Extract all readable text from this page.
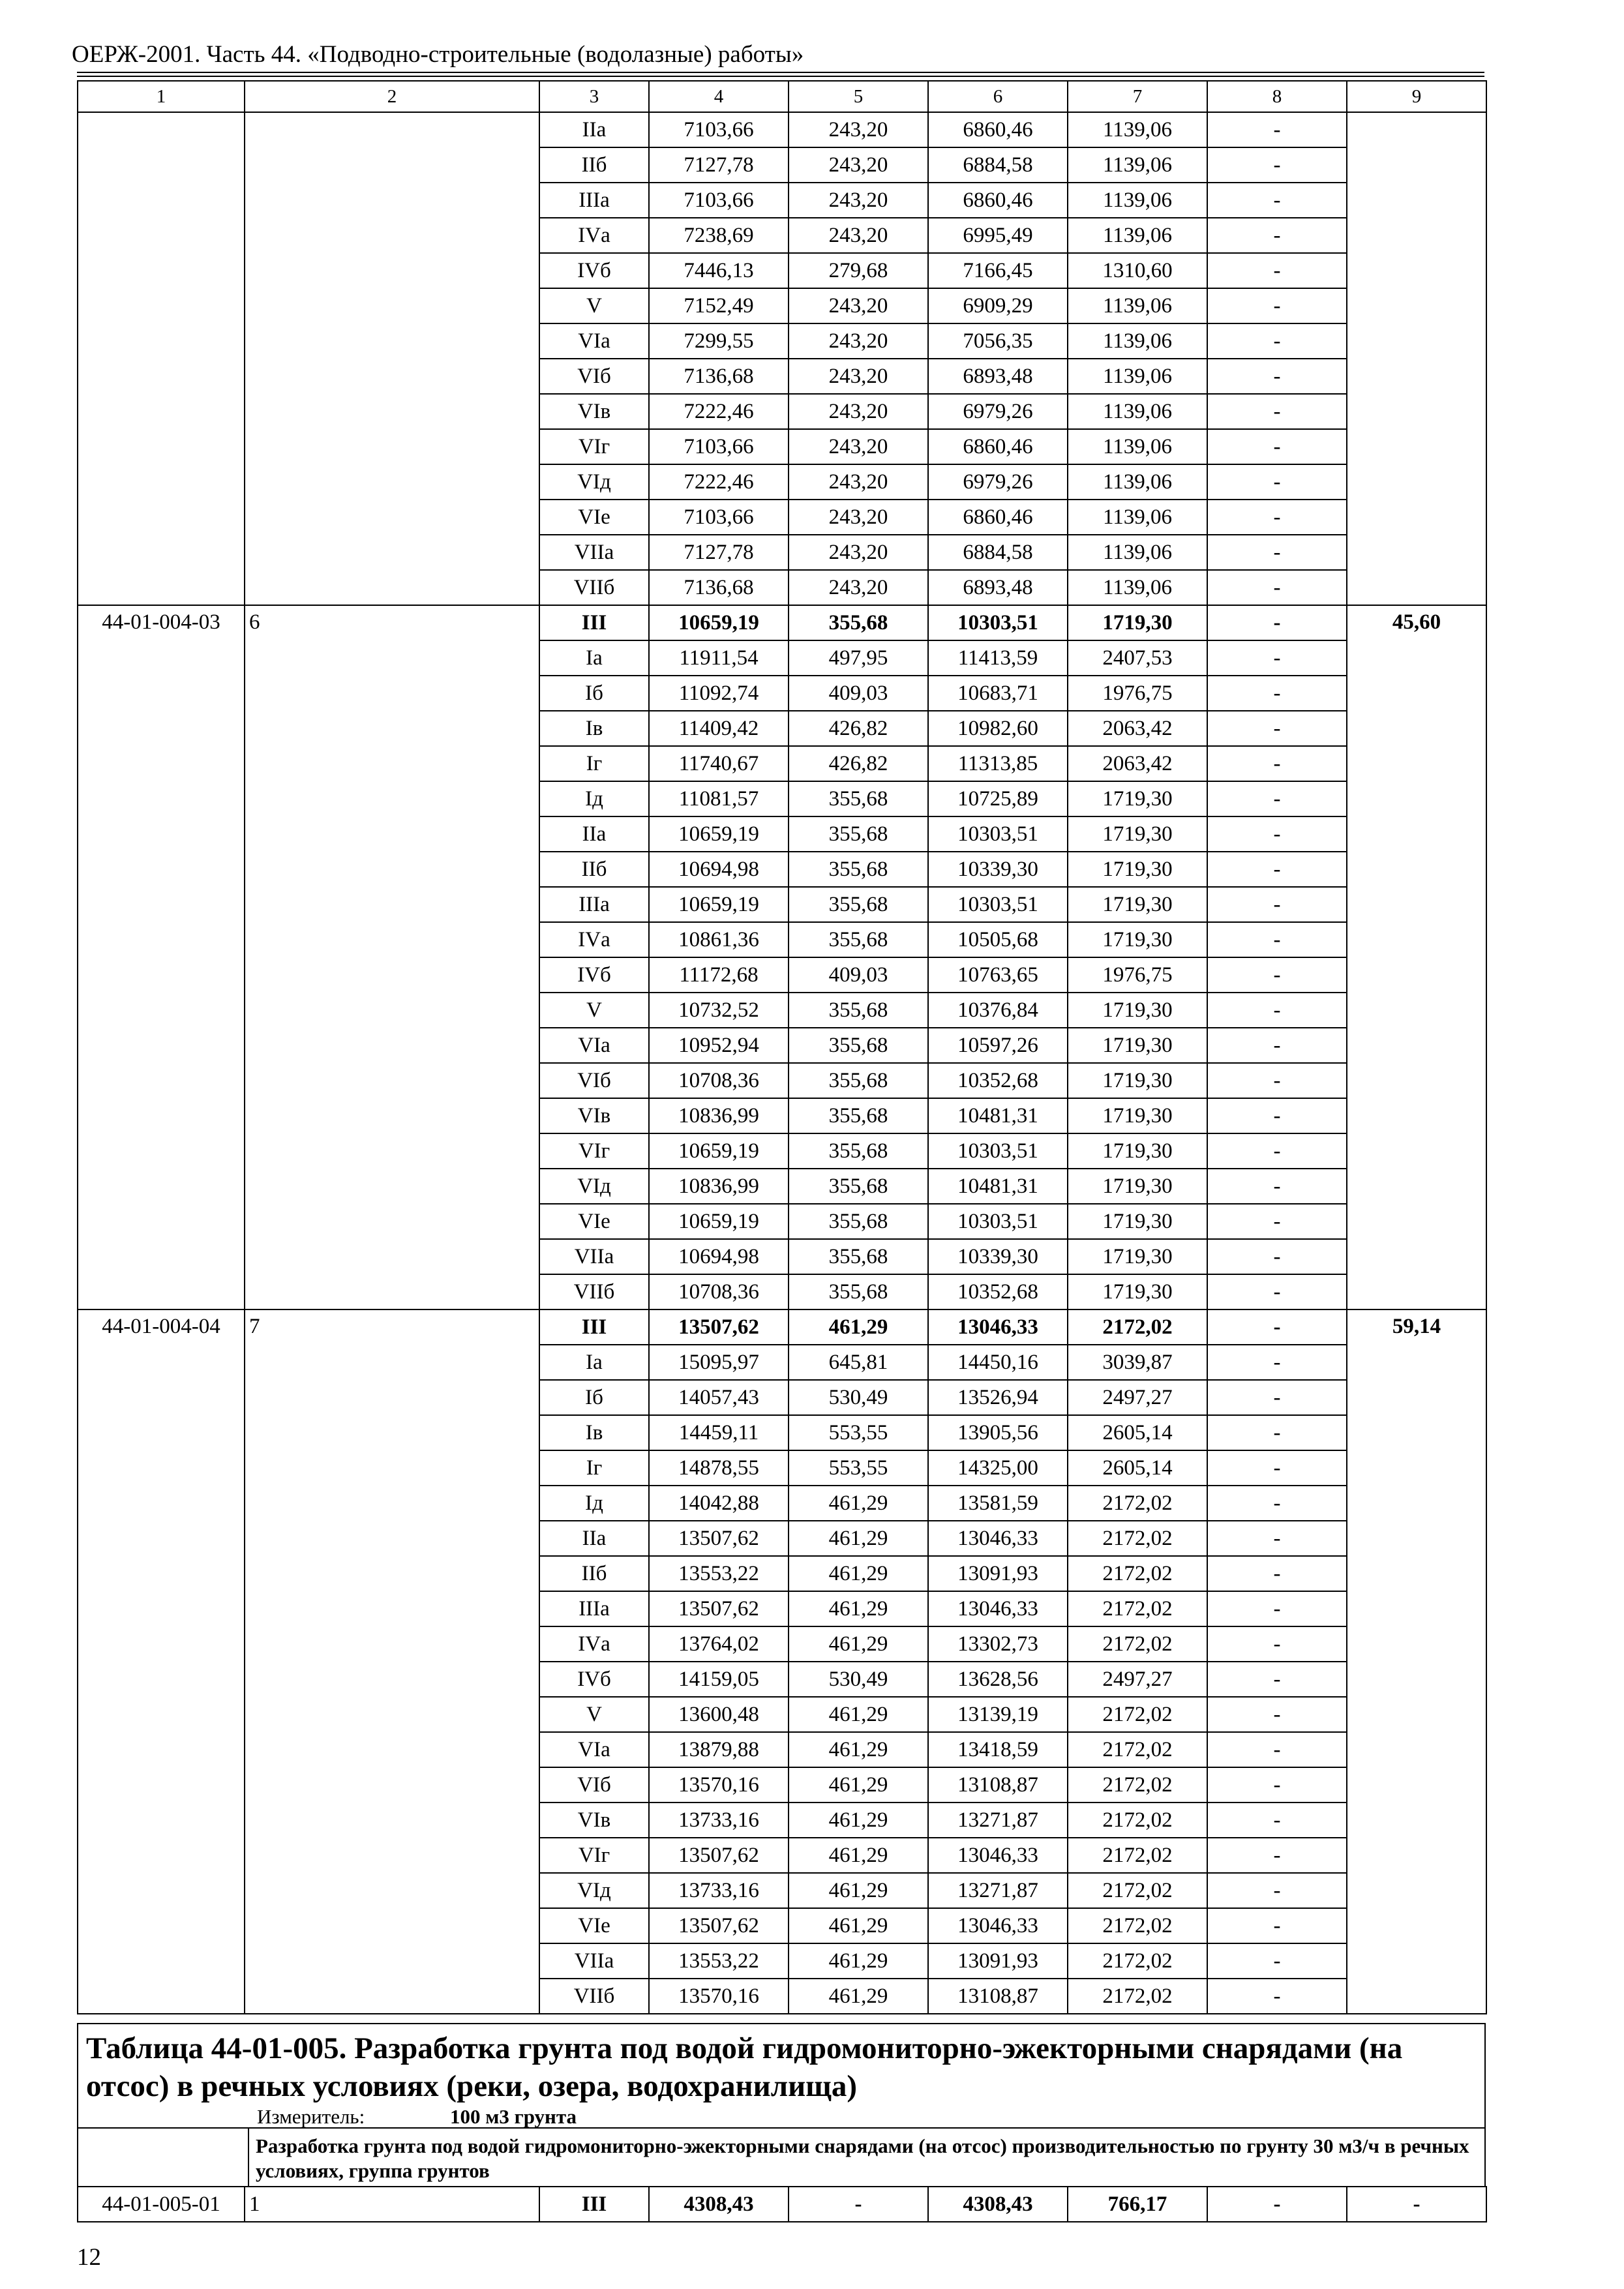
ОЕРЖ-2001. Часть 44. «Подводно-строительные (водолазные) работы»
1	2	3	4	5	6	7	8	9
		IIа	7103,66	243,20	6860,46	1139,06	-	
		IIб	7127,78	243,20	6884,58	1139,06	-	
		IIIа	7103,66	243,20	6860,46	1139,06	-	
		IVа	7238,69	243,20	6995,49	1139,06	-	
		IVб	7446,13	279,68	7166,45	1310,60	-	
		V	7152,49	243,20	6909,29	1139,06	-	
		VIа	7299,55	243,20	7056,35	1139,06	-	
		VIб	7136,68	243,20	6893,48	1139,06	-	
		VIв	7222,46	243,20	6979,26	1139,06	-	
		VIг	7103,66	243,20	6860,46	1139,06	-	
		VIд	7222,46	243,20	6979,26	1139,06	-	
		VIе	7103,66	243,20	6860,46	1139,06	-	
		VIIа	7127,78	243,20	6884,58	1139,06	-	
		VIIб	7136,68	243,20	6893,48	1139,06	-	
44-01-004-03	6	III	10659,19	355,68	10303,51	1719,30	-	45,60
		Iа	11911,54	497,95	11413,59	2407,53	-	
		Iб	11092,74	409,03	10683,71	1976,75	-	
		Iв	11409,42	426,82	10982,60	2063,42	-	
		Iг	11740,67	426,82	11313,85	2063,42	-	
		Iд	11081,57	355,68	10725,89	1719,30	-	
		IIа	10659,19	355,68	10303,51	1719,30	-	
		IIб	10694,98	355,68	10339,30	1719,30	-	
		IIIа	10659,19	355,68	10303,51	1719,30	-	
		IVа	10861,36	355,68	10505,68	1719,30	-	
		IVб	11172,68	409,03	10763,65	1976,75	-	
		V	10732,52	355,68	10376,84	1719,30	-	
		VIа	10952,94	355,68	10597,26	1719,30	-	
		VIб	10708,36	355,68	10352,68	1719,30	-	
		VIв	10836,99	355,68	10481,31	1719,30	-	
		VIг	10659,19	355,68	10303,51	1719,30	-	
		VIд	10836,99	355,68	10481,31	1719,30	-	
		VIе	10659,19	355,68	10303,51	1719,30	-	
		VIIа	10694,98	355,68	10339,30	1719,30	-	
		VIIб	10708,36	355,68	10352,68	1719,30	-	
44-01-004-04	7	III	13507,62	461,29	13046,33	2172,02	-	59,14
		Iа	15095,97	645,81	14450,16	3039,87	-	
		Iб	14057,43	530,49	13526,94	2497,27	-	
		Iв	14459,11	553,55	13905,56	2605,14	-	
		Iг	14878,55	553,55	14325,00	2605,14	-	
		Iд	14042,88	461,29	13581,59	2172,02	-	
		IIа	13507,62	461,29	13046,33	2172,02	-	
		IIб	13553,22	461,29	13091,93	2172,02	-	
		IIIа	13507,62	461,29	13046,33	2172,02	-	
		IVа	13764,02	461,29	13302,73	2172,02	-	
		IVб	14159,05	530,49	13628,56	2497,27	-	
		V	13600,48	461,29	13139,19	2172,02	-	
		VIа	13879,88	461,29	13418,59	2172,02	-	
		VIб	13570,16	461,29	13108,87	2172,02	-	
		VIв	13733,16	461,29	13271,87	2172,02	-	
		VIг	13507,62	461,29	13046,33	2172,02	-	
		VIд	13733,16	461,29	13271,87	2172,02	-	
		VIе	13507,62	461,29	13046,33	2172,02	-	
		VIIа	13553,22	461,29	13091,93	2172,02	-	
		VIIб	13570,16	461,29	13108,87	2172,02	-	
Таблица 44-01-005. Разработка грунта под водой гидромониторно-эжекторными снарядами (на отсос) в речных условиях (реки, озера, водохранилища)
Измеритель:	100 м3 грунта
Разработка грунта под водой гидромониторно-эжекторными снарядами (на отсос) производительностью по грунту 30 м3/ч в речных условиях, группа грунтов
44-01-005-01	1	III	4308,43	-	4308,43	766,17	-	-
12
